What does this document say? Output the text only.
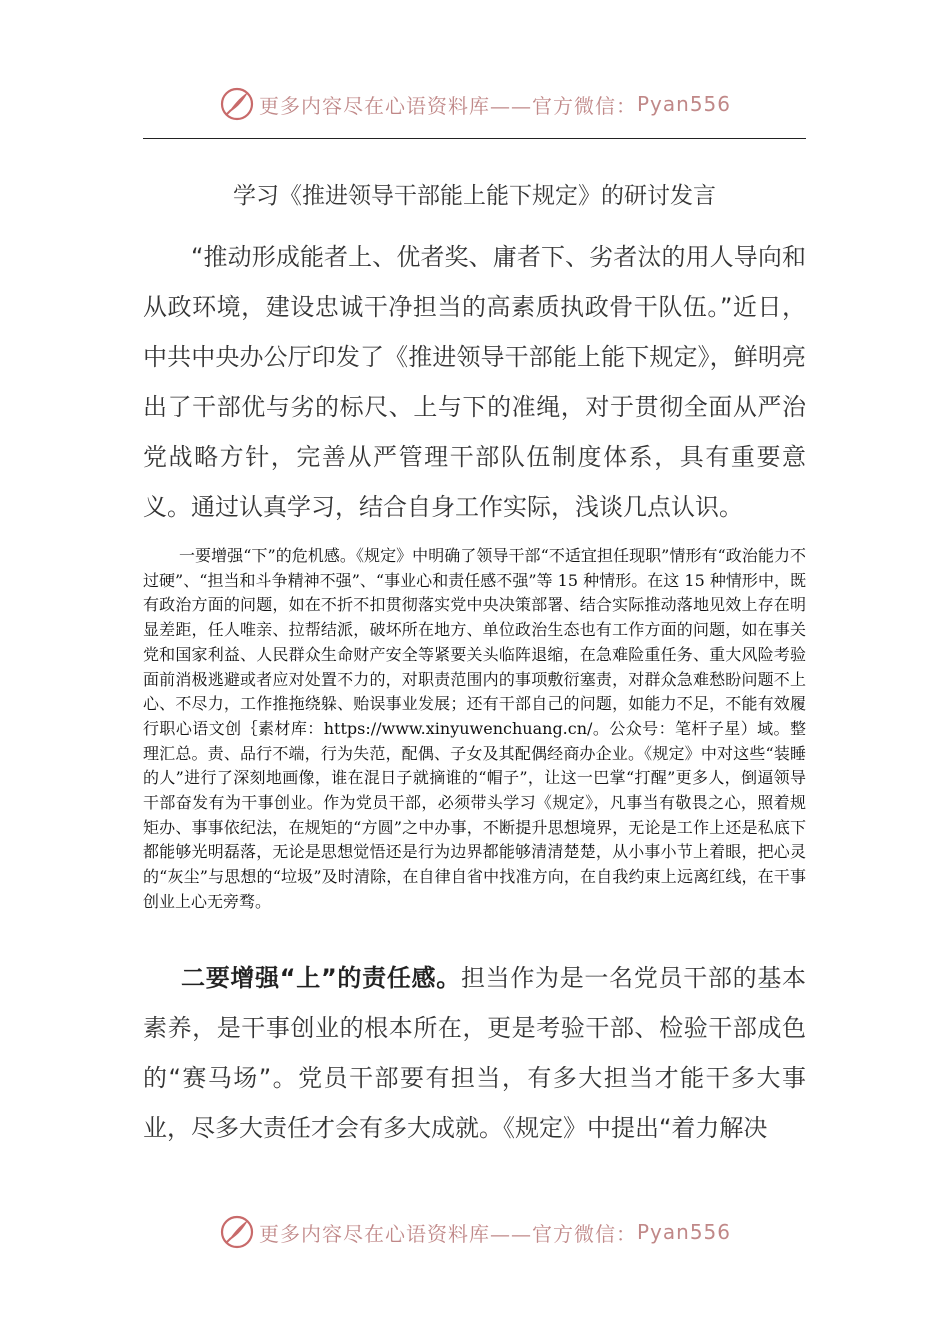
更多内容尽在心语资料库——官方微信： Pyan556
学习《推进领导干部能上能下规定》的研讨发言

“推动形成能者上、优者奖、庸者下、劣者汰的用人导向和从政环境，建设忠诚干净担当的高素质执政骨干队伍。”近日，中共中央办公厅印发了《推进领导干部能上能下规定》，鲜明亮出了干部优与劣的标尺、上与下的准绳，对于贯彻全面从严治党战略方针，完善从严管理干部队伍制度体系，具有重要意义。通过认真学习，结合自身工作实际，浅谈几点认识。

一要增强“下”的危机感。《规定》中明确了领导干部“不适宜担任现职”情形有“政治能力不过硬”、“担当和斗争精神不强”、“事业心和责任感不强”等 15 种情形。在这 15 种情形中，既有政治方面的问题，如在不折不扣贯彻落实党中央决策部署、结合实际推动落地见效上存在明显差距，任人唯亲、拉帮结派，破坏所在地方、单位政治生态也有工作方面的问题，如在事关党和国家利益、人民群众生命财产安全等紧要关头临阵退缩，在急难险重任务、重大风险考验面前消极逃避或者应对处置不力的，对职责范围内的事项敷衍塞责，对群众急难愁盼问题不上心、不尽力，工作推拖绕躲、贻误事业发展；还有干部自己的问题，如能力不足，不能有效履行职心语文创｛素材库：https://www.xinyuwenchuang.cn/。公众号：笔杆子星）域。整理汇总。责、品行不端，行为失范，配偶、子女及其配偶经商办企业。《规定》中对这些“装睡的人”进行了深刻地画像，谁在混日子就摘谁的“帽子”，让这一巴掌“打醒”更多人，倒逼领导干部奋发有为干事创业。作为党员干部，必须带头学习《规定》，凡事当有敬畏之心，照着规矩办、事事依纪法，在规矩的“方圆”之中办事，不断提升思想境界，无论是工作上还是私底下都能够光明磊落，无论是思想觉悟还是行为边界都能够清清楚楚，从小事小节上着眼，把心灵的“灰尘”与思想的“垃圾”及时清除，在自律自省中找准方向，在自我约束上远离红线，在干事创业上心无旁骛。

二要增强“上”的责任感。担当作为是一名党员干部的基本素养，是干事创业的根本所在，更是考验干部、检验干部成色的“赛马场”。党员干部要有担当，有多大担当才能干多大事业，尽多大责任才会有多大成就。《规定》中提出“着力解决

更多内容尽在心语资料库——官方微信： Pyan556
